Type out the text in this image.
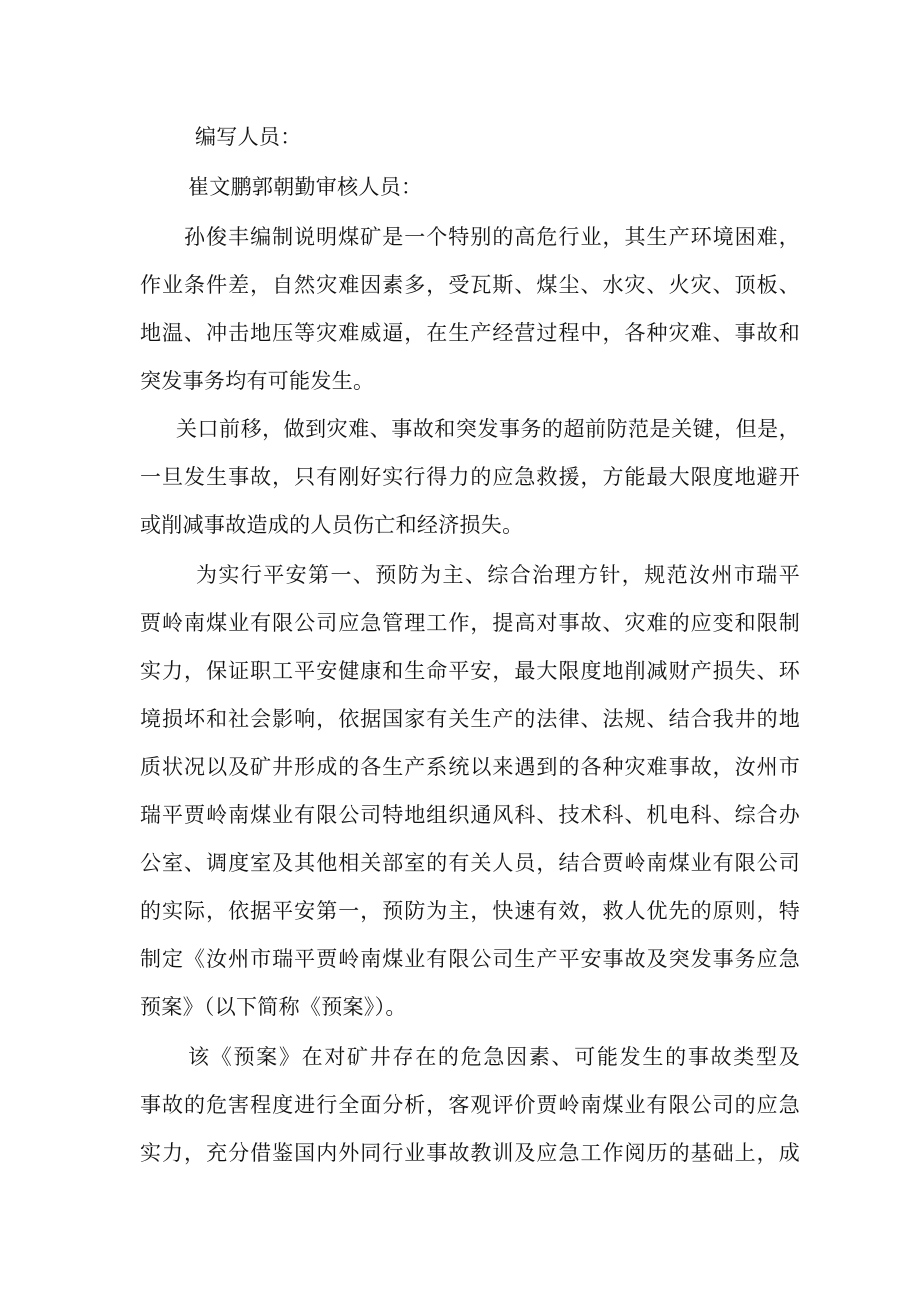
编写人员：
崔文鹏郭朝勤审核人员：
孙俊丰编制说明煤矿是一个特别的高危行业，其生产环境困难，
作业条件差，自然灾难因素多，受瓦斯、煤尘、水灾、火灾、顶板、
地温、冲击地压等灾难威逼，在生产经营过程中，各种灾难、事故和
突发事务均有可能发生。
关口前移，做到灾难、事故和突发事务的超前防范是关键，但是，
一旦发生事故，只有刚好实行得力的应急救援，方能最大限度地避开
或削减事故造成的人员伤亡和经济损失。
为实行平安第一、预防为主、综合治理方针，规范汝州市瑞平
贾岭南煤业有限公司应急管理工作，提高对事故、灾难的应变和限制
实力，保证职工平安健康和生命平安，最大限度地削减财产损失、环
境损坏和社会影响，依据国家有关生产的法律、法规、结合我井的地
质状况以及矿井形成的各生产系统以来遇到的各种灾难事故，汝州市
瑞平贾岭南煤业有限公司特地组织通风科、技术科、机电科、综合办
公室、调度室及其他相关部室的有关人员，结合贾岭南煤业有限公司
的实际，依据平安第一，预防为主，快速有效，救人优先的原则，特
制定《汝州市瑞平贾岭南煤业有限公司生产平安事故及突发事务应急
预案》（以下简称《预案》）。
该《预案》在对矿井存在的危急因素、可能发生的事故类型及
事故的危害程度进行全面分析，客观评价贾岭南煤业有限公司的应急
实力，充分借鉴国内外同行业事故教训及应急工作阅历的基础上，成
